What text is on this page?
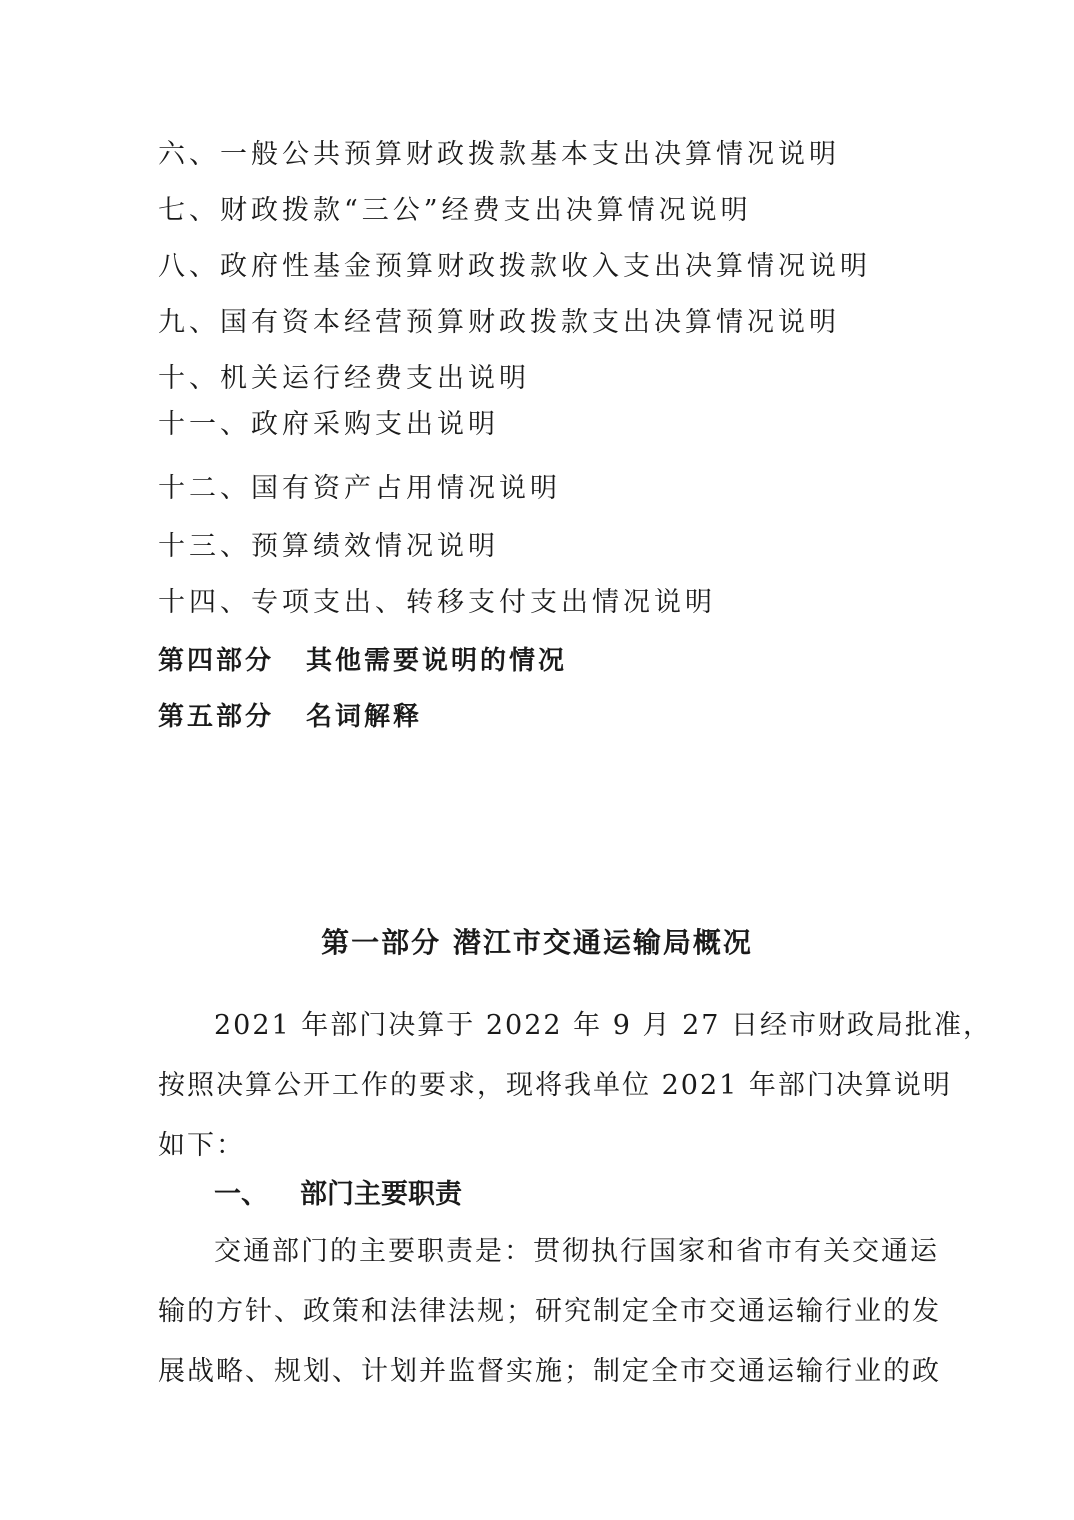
六、一般公共预算财政拨款基本支出决算情况说明
七、财政拨款“三公”经费支出决算情况说明
八、政府性基金预算财政拨款收入支出决算情况说明
九、国有资本经营预算财政拨款支出决算情况说明
十、机关运行经费支出说明
十一、政府采购支出说明
十二、国有资产占用情况说明
十三、预算绩效情况说明
十四、专项支出、转移支付支出情况说明
第四部分 其他需要说明的情况
第五部分 名词解释
第一部分 潜江市交通运输局概况
2021 年部门决算于 2022 年 9 月 27 日经市财政局批准，
按照决算公开工作的要求，现将我单位 2021 年部门决算说明
如下：
一、 部门主要职责
交通部门的主要职责是：贯彻执行国家和省市有关交通运
输的方针、政策和法律法规；研究制定全市交通运输行业的发
展战略、规划、计划并监督实施；制定全市交通运输行业的政
